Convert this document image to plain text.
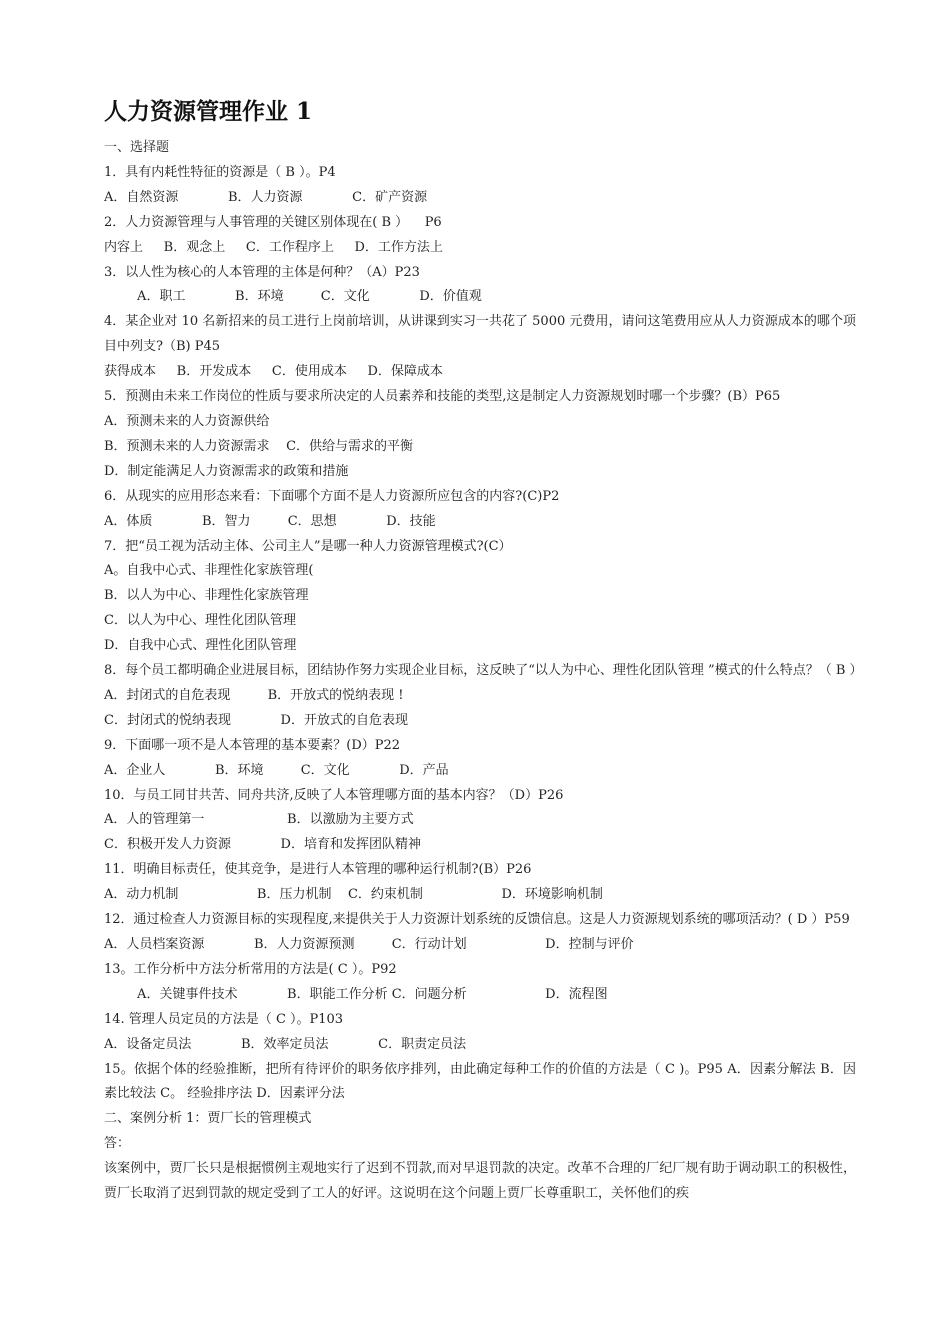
人力资源管理作业 1
一、选择题
1．具有内耗性特征的资源是（ B ）。P4
A．自然资源            B．人力资源            C．矿产资源
2．人力资源管理与人事管理的关键区别体现在( B ）    P6
内容上     B．观念上     C．工作程序上     D．工作方法上
3．以人性为核心的人本管理的主体是何种？（A）P23
A．职工            B．环境         C．文化            D．价值观
4．某企业对 10 名新招来的员工进行上岗前培训，从讲课到实习一共花了 5000 元费用，请问这笔费用应从人力资源成本的哪个项目中列支?（B) P45
获得成本     B．开发成本     C．使用成本     D．保障成本
5．预测由未来工作岗位的性质与要求所决定的人员素养和技能的类型,这是制定人力资源规划时哪一个步骤？(B）P65
A．预测未来的人力资源供给
B．预测未来的人力资源需求    C．供给与需求的平衡
D．制定能满足人力资源需求的政策和措施
6．从现实的应用形态来看：下面哪个方面不是人力资源所应包含的内容?(C)P2
A．体质            B．智力         C．思想            D．技能
7．把“员工视为活动主体、公司主人”是哪一种人力资源管理模式?(C）
A。自我中心式、非理性化家族管理(
B．以人为中心、非理性化家族管理
C．以人为中心、理性化团队管理
D．自我中心式、理性化团队管理
8．每个员工都明确企业进展目标，团结协作努力实现企业目标，这反映了“以人为中心、理性化团队管理 ”模式的什么特点？（ B ）
A．封闭式的自危表现         B．开放式的悦纳表现 !
C．封闭式的悦纳表现            D．开放式的自危表现
9．下面哪一项不是人本管理的基本要素？(D）P22
A．企业人            B．环境         C．文化            D．产品
10．与员工同甘共苦、同舟共济,反映了人本管理哪方面的基本内容？（D）P26
A．人的管理第一                    B．以激励为主要方式
C．积极开发人力资源            D．培育和发挥团队精神
11．明确目标责任，使其竞争，是进行人本管理的哪种运行机制?(B）P26
A．动力机制                   B．压力机制    C．约束机制                   D．环境影响机制
12．通过检查人力资源目标的实现程度,来提供关于人力资源计划系统的反馈信息。这是人力资源规划系统的哪项活动？( D ）P59
A．人员档案资源            B．人力资源预测         C．行动计划                   D．控制与评价
13。工作分析中方法分析常用的方法是( C ）。P92
A．关键事件技术            B．职能工作分析 C．问题分析                   D．流程图
14. 管理人员定员的方法是（ C ）。P103
A．设备定员法            B．效率定员法            C．职责定员法
15。依据个体的经验推断，把所有待评价的职务依序排列，由此确定每种工作的价值的方法是（ C )。P95 A．因素分解法 B．因素比较法 C。 经验排序法 D．因素评分法
二、案例分析 1：贾厂长的管理模式
答：
该案例中，贾厂长只是根据惯例主观地实行了迟到不罚款,而对早退罚款的决定。改革不合理的厂纪厂规有助于调动职工的积极性，贾厂长取消了迟到罚款的规定受到了工人的好评。这说明在这个问题上贾厂长尊重职工，关怀他们的疾
